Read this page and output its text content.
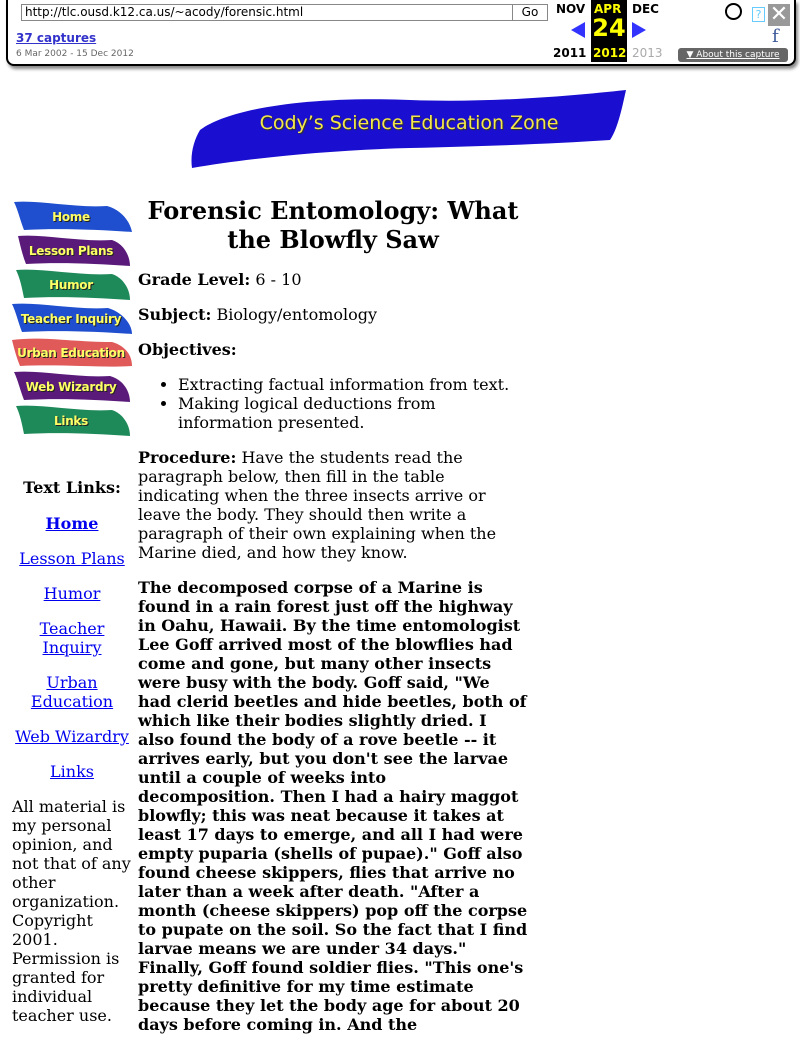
http://tlc.ousd.k12.ca.us/~acody/forensic.html	Go
37 captures
6 Mar 2002 - 15 Dec 2012
NOV APR DEC
24
2011 2012 2013
? ✕
f
▼ About this capture
Cody’s Science Education Zone
Home
Lesson Plans
Humor
Teacher Inquiry
Urban Education
Web Wizardry
Links
Text Links:
Home
Lesson Plans
Humor
Teacher Inquiry
Urban Education
Web Wizardry
Links

All material is my personal opinion, and not that of any other organization. Copyright 2001. Permission is granted for individual teacher use.

Forensic Entomology: What the Blowfly Saw

Grade Level: 6 - 10

Subject: Biology/entomology

Objectives:

• Extracting factual information from text.
• Making logical deductions from information presented.

Procedure: Have the students read the paragraph below, then fill in the table indicating when the three insects arrive or leave the body. They should then write a paragraph of their own explaining when the Marine died, and how they know.

The decomposed corpse of a Marine is found in a rain forest just off the highway in Oahu, Hawaii. By the time entomologist Lee Goff arrived most of the blowflies had come and gone, but many other insects were busy with the body. Goff said, "We had clerid beetles and hide beetles, both of which like their bodies slightly dried. I also found the body of a rove beetle -- it arrives early, but you don't see the larvae until a couple of weeks into decomposition. Then I had a hairy maggot blowfly; this was neat because it takes at least 17 days to emerge, and all I had were empty puparia (shells of pupae)." Goff also found cheese skippers, flies that arrive no later than a week after death. "After a month (cheese skippers) pop off the corpse to pupate on the soil. So the fact that I find larvae means we are under 34 days." Finally, Goff found soldier flies. "This one's pretty definitive for my time estimate because they let the body age for about 20 days before coming in. And the
